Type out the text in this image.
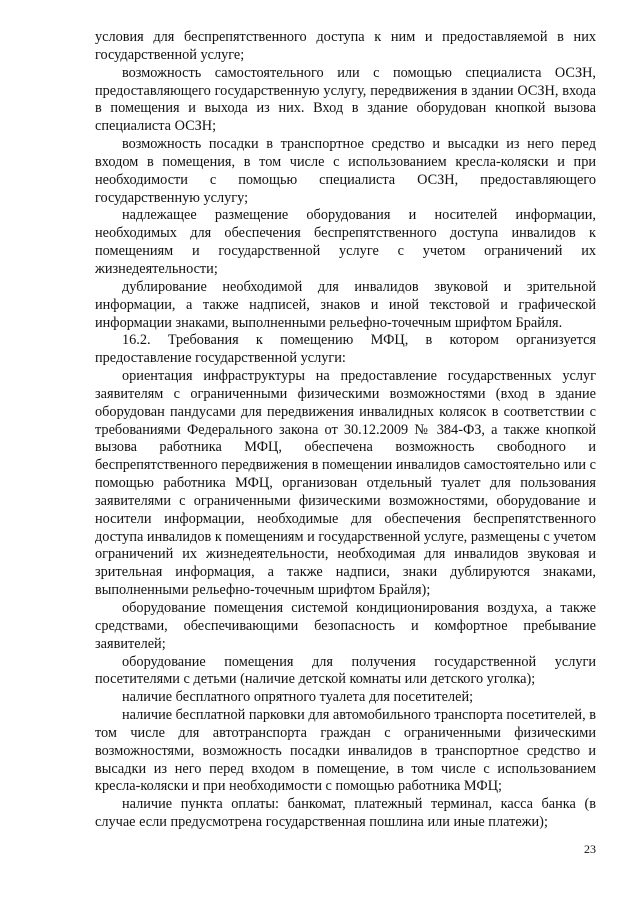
условия для беспрепятственного доступа к ним и предоставляемой в них государственной услуге;

возможность самостоятельного или с помощью специалиста ОСЗН, предоставляющего государственную услугу, передвижения в здании ОСЗН, входа в помещения и выхода из них. Вход в здание оборудован кнопкой вызова специалиста ОСЗН;

возможность посадки в транспортное средство и высадки из него перед входом в помещения, в том числе с использованием кресла-коляски и при необходимости с помощью специалиста ОСЗН, предоставляющего государственную услугу;

надлежащее размещение оборудования и носителей информации, необходимых для обеспечения беспрепятственного доступа инвалидов к помещениям и государственной услуге с учетом ограничений их жизнедеятельности;

дублирование необходимой для инвалидов звуковой и зрительной информации, а также надписей, знаков и иной текстовой и графической информации знаками, выполненными рельефно-точечным шрифтом Брайля.

16.2. Требования к помещению МФЦ, в котором организуется предоставление государственной услуги:

ориентация инфраструктуры на предоставление государственных услуг заявителям с ограниченными физическими возможностями (вход в здание оборудован пандусами для передвижения инвалидных колясок в соответствии с требованиями Федерального закона от 30.12.2009 № 384-ФЗ, а также кнопкой вызова работника МФЦ, обеспечена возможность свободного и беспрепятственного передвижения в помещении инвалидов самостоятельно или с помощью работника МФЦ, организован отдельный туалет для пользования заявителями с ограниченными физическими возможностями, оборудование и носители информации, необходимые для обеспечения беспрепятственного доступа инвалидов к помещениям и государственной услуге, размещены с учетом ограничений их жизнедеятельности, необходимая для инвалидов звуковая и зрительная информация, а также надписи, знаки дублируются знаками, выполненными рельефно-точечным шрифтом Брайля);

оборудование помещения системой кондиционирования воздуха, а также средствами, обеспечивающими безопасность и комфортное пребывание заявителей;

оборудование помещения для получения государственной услуги посетителями с детьми (наличие детской комнаты или детского уголка);

наличие бесплатного опрятного туалета для посетителей;

наличие бесплатной парковки для автомобильного транспорта посетителей, в том числе для автотранспорта граждан с ограниченными физическими возможностями, возможность посадки инвалидов в транспортное средство и высадки из него перед входом в помещение, в том числе с использованием кресла-коляски и при необходимости с помощью работника МФЦ;

наличие пункта оплаты: банкомат, платежный терминал, касса банка (в случае если предусмотрена государственная пошлина или иные платежи);

23
